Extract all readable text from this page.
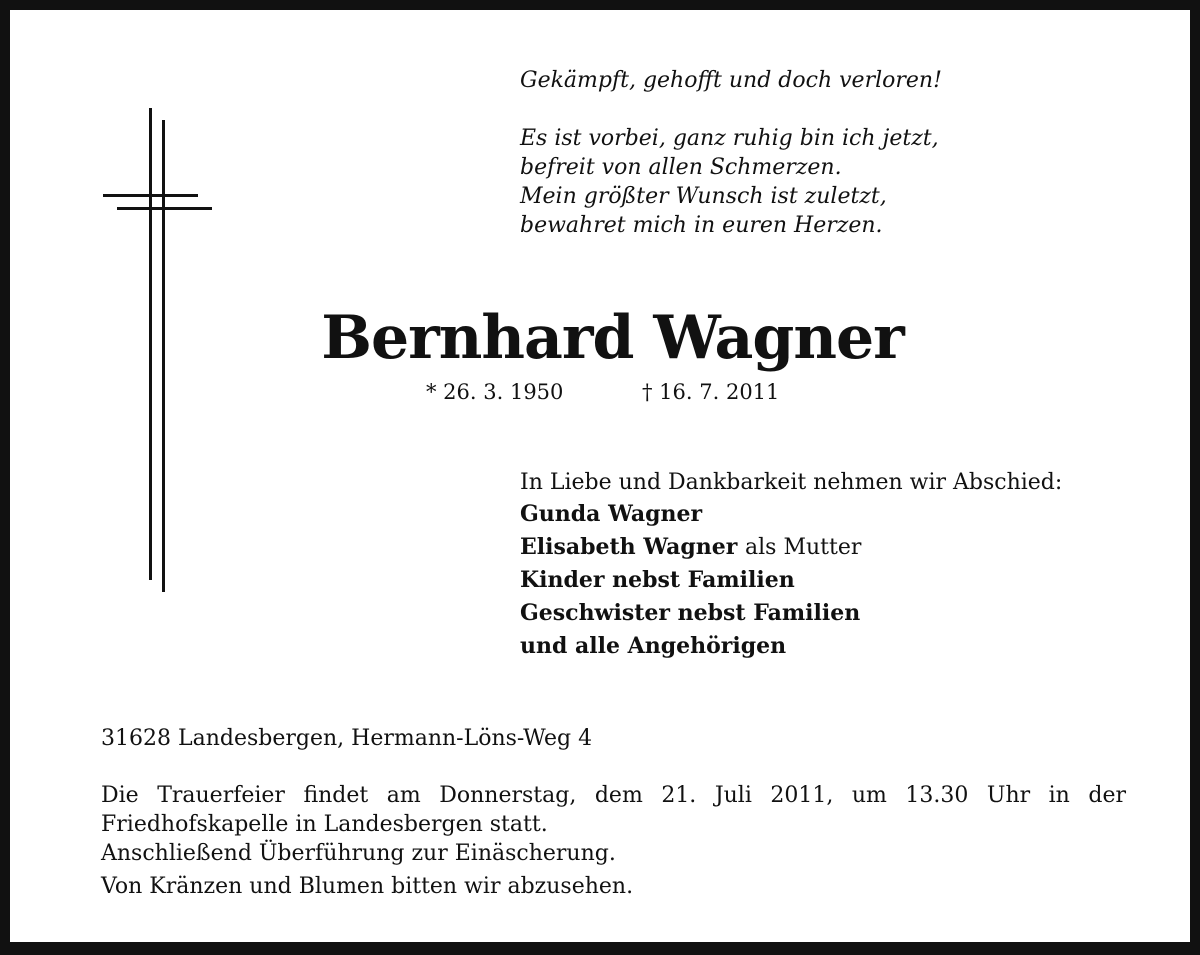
Gekämpft, gehofft und doch verloren!
Es ist vorbei, ganz ruhig bin ich jetzt,
befreit von allen Schmerzen.
Mein größter Wunsch ist zuletzt,
bewahret mich in euren Herzen.
Bernhard Wagner
* 26. 3. 1950	† 16. 7. 2011
In Liebe und Dankbarkeit nehmen wir Abschied:
Gunda Wagner
Elisabeth Wagner als Mutter
Kinder nebst Familien
Geschwister nebst Familien
und alle Angehörigen
31628 Landesbergen, Hermann-Löns-Weg 4
Die Trauerfeier findet am Donnerstag, dem 21. Juli 2011, um 13.30 Uhr in der Friedhofskapelle in Landesbergen statt.
Anschließend Überführung zur Einäscherung.
Von Kränzen und Blumen bitten wir abzusehen.
